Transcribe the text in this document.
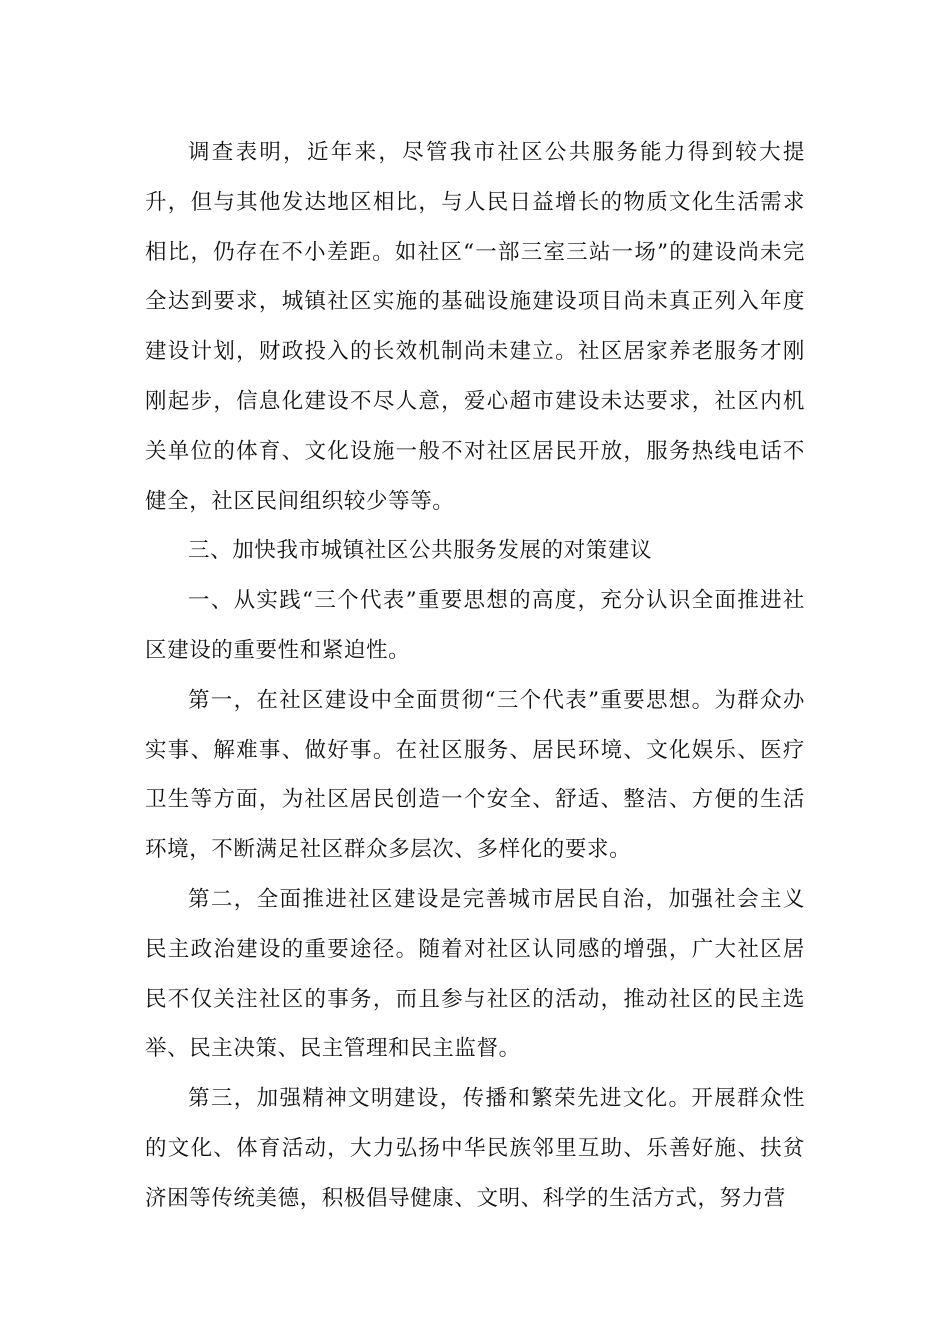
调查表明，近年来，尽管我市社区公共服务能力得到较大提升，但与其他发达地区相比，与人民日益增长的物质文化生活需求相比，仍存在不小差距。如社区“一部三室三站一场”的建设尚未完全达到要求，城镇社区实施的基础设施建设项目尚未真正列入年度建设计划，财政投入的长效机制尚未建立。社区居家养老服务才刚刚起步，信息化建设不尽人意，爱心超市建设未达要求，社区内机关单位的体育、文化设施一般不对社区居民开放，服务热线电话不健全，社区民间组织较少等等。

三、加快我市城镇社区公共服务发展的对策建议

一、从实践“三个代表”重要思想的高度，充分认识全面推进社区建设的重要性和紧迫性。

第一，在社区建设中全面贯彻“三个代表”重要思想。为群众办实事、解难事、做好事。在社区服务、居民环境、文化娱乐、医疗卫生等方面，为社区居民创造一个安全、舒适、整洁、方便的生活环境，不断满足社区群众多层次、多样化的要求。

第二，全面推进社区建设是完善城市居民自治，加强社会主义民主政治建设的重要途径。随着对社区认同感的增强，广大社区居民不仅关注社区的事务，而且参与社区的活动，推动社区的民主选举、民主决策、民主管理和民主监督。

第三，加强精神文明建设，传播和繁荣先进文化。开展群众性的文化、体育活动，大力弘扬中华民族邻里互助、乐善好施、扶贫济困等传统美德，积极倡导健康、文明、科学的生活方式，努力营
